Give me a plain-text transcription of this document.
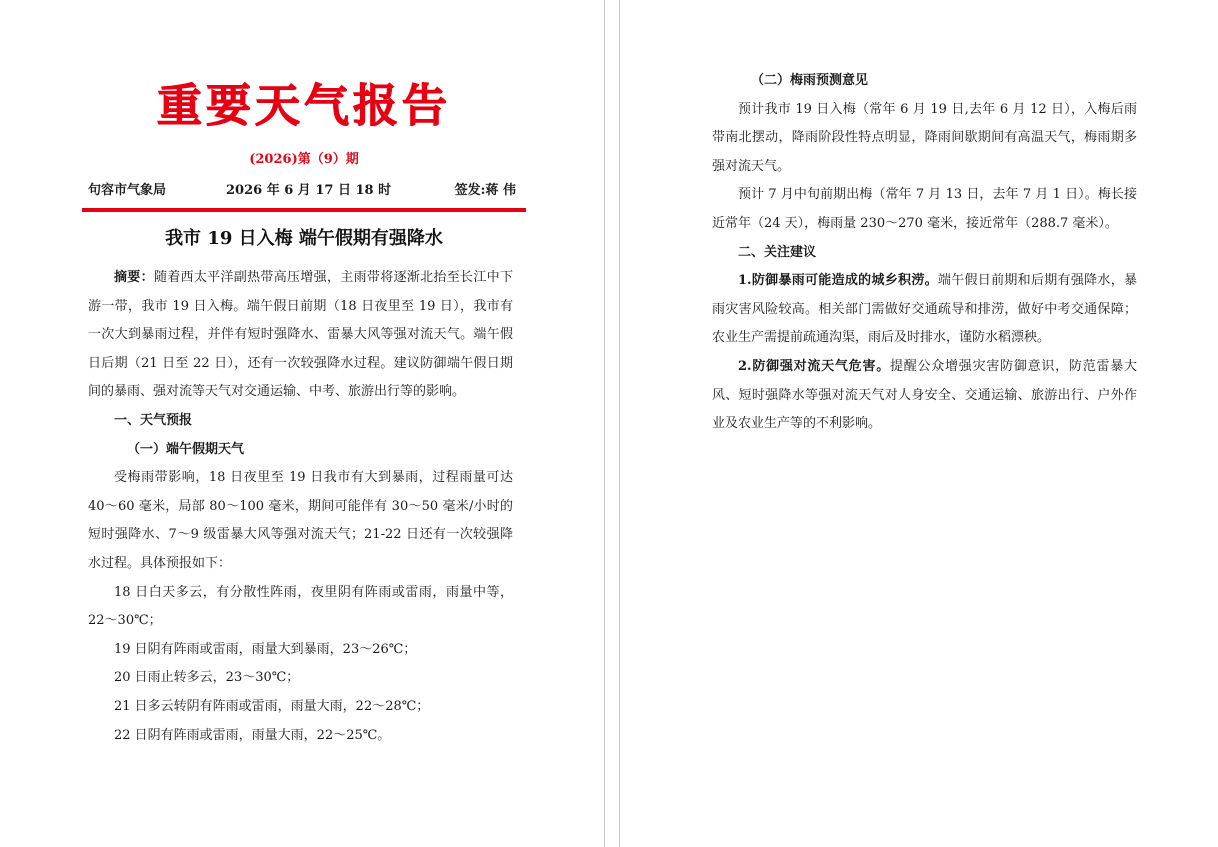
重要天气报告
(2026)第（9）期
句容市气象局	2026 年 6 月 17 日 18 时	签发:蒋 伟
我市 19 日入梅 端午假期有强降水

摘要：随着西太平洋副热带高压增强，主雨带将逐渐北抬至长江中下游一带，我市 19 日入梅。端午假日前期（18 日夜里至 19 日），我市有一次大到暴雨过程，并伴有短时强降水、雷暴大风等强对流天气。端午假日后期（21 日至 22 日），还有一次较强降水过程。建议防御端午假日期间的暴雨、强对流等天气对交通运输、中考、旅游出行等的影响。

一、天气预报

（一）端午假期天气

受梅雨带影响，18 日夜里至 19 日我市有大到暴雨，过程雨量可达 40～60 毫米，局部 80～100 毫米，期间可能伴有 30～50 毫米/小时的短时强降水、7～9 级雷暴大风等强对流天气；21-22 日还有一次较强降水过程。具体预报如下：

18 日白天多云，有分散性阵雨，夜里阴有阵雨或雷雨，雨量中等，22～30℃；

19 日阴有阵雨或雷雨，雨量大到暴雨，23～26℃；

20 日雨止转多云，23～30℃；

21 日多云转阴有阵雨或雷雨，雨量大雨，22～28℃；

22 日阴有阵雨或雷雨，雨量大雨，22～25℃。

（二）梅雨预测意见

预计我市 19 日入梅（常年 6 月 19 日,去年 6 月 12 日），入梅后雨带南北摆动，降雨阶段性特点明显，降雨间歇期间有高温天气，梅雨期多强对流天气。

预计 7 月中旬前期出梅（常年 7 月 13 日，去年 7 月 1 日）。梅长接近常年（24 天），梅雨量 230～270 毫米，接近常年（288.7 毫米）。

二、关注建议

1.防御暴雨可能造成的城乡积涝。端午假日前期和后期有强降水，暴雨灾害风险较高。相关部门需做好交通疏导和排涝，做好中考交通保障；农业生产需提前疏通沟渠，雨后及时排水，谨防水稻漂秧。

2.防御强对流天气危害。提醒公众增强灾害防御意识，防范雷暴大风、短时强降水等强对流天气对人身安全、交通运输、旅游出行、户外作业及农业生产等的不利影响。
